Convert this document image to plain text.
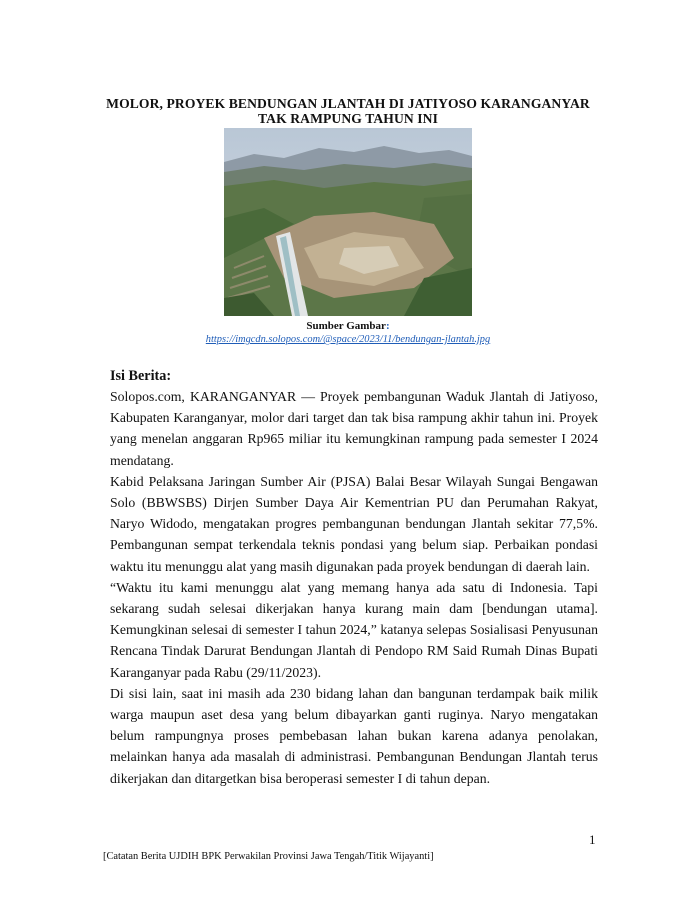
MOLOR, PROYEK BENDUNGAN JLANTAH DI JATIYOSO KARANGANYAR
TAK RAMPUNG TAHUN INI
Sumber Gambar:
https://imgcdn.solopos.com/@space/2023/11/bendungan-jlantah.jpg
Isi Berita:

Solopos.com, KARANGANYAR — Proyek pembangunan Waduk Jlantah di Jatiyoso, Kabupaten Karanganyar, molor dari target dan tak bisa rampung akhir tahun ini. Proyek yang menelan anggaran Rp965 miliar itu kemungkinan rampung pada semester I 2024 mendatang.

Kabid Pelaksana Jaringan Sumber Air (PJSA) Balai Besar Wilayah Sungai Bengawan Solo (BBWSBS) Dirjen Sumber Daya Air Kementrian PU dan Perumahan Rakyat, Naryo Widodo, mengatakan progres pembangunan bendungan Jlantah sekitar 77,5%. Pembangunan sempat terkendala teknis pondasi yang belum siap. Perbaikan pondasi waktu itu menunggu alat yang masih digunakan pada proyek bendungan di daerah lain.

“Waktu itu kami menunggu alat yang memang hanya ada satu di Indonesia. Tapi sekarang sudah selesai dikerjakan hanya kurang main dam [bendungan utama]. Kemungkinan selesai di semester I tahun 2024,” katanya selepas Sosialisasi Penyusunan Rencana Tindak Darurat Bendungan Jlantah di Pendopo RM Said Rumah Dinas Bupati Karanganyar pada Rabu (29/11/2023).

Di sisi lain, saat ini masih ada 230 bidang lahan dan bangunan terdampak baik milik warga maupun aset desa yang belum dibayarkan ganti ruginya. Naryo mengatakan belum rampungnya proses pembebasan lahan bukan karena adanya penolakan, melainkan hanya ada masalah di administrasi. Pembangunan Bendungan Jlantah terus dikerjakan dan ditargetkan bisa beroperasi semester I di tahun depan.

1
[Catatan Berita UJDIH BPK Perwakilan Provinsi Jawa Tengah/Titik Wijayanti]
